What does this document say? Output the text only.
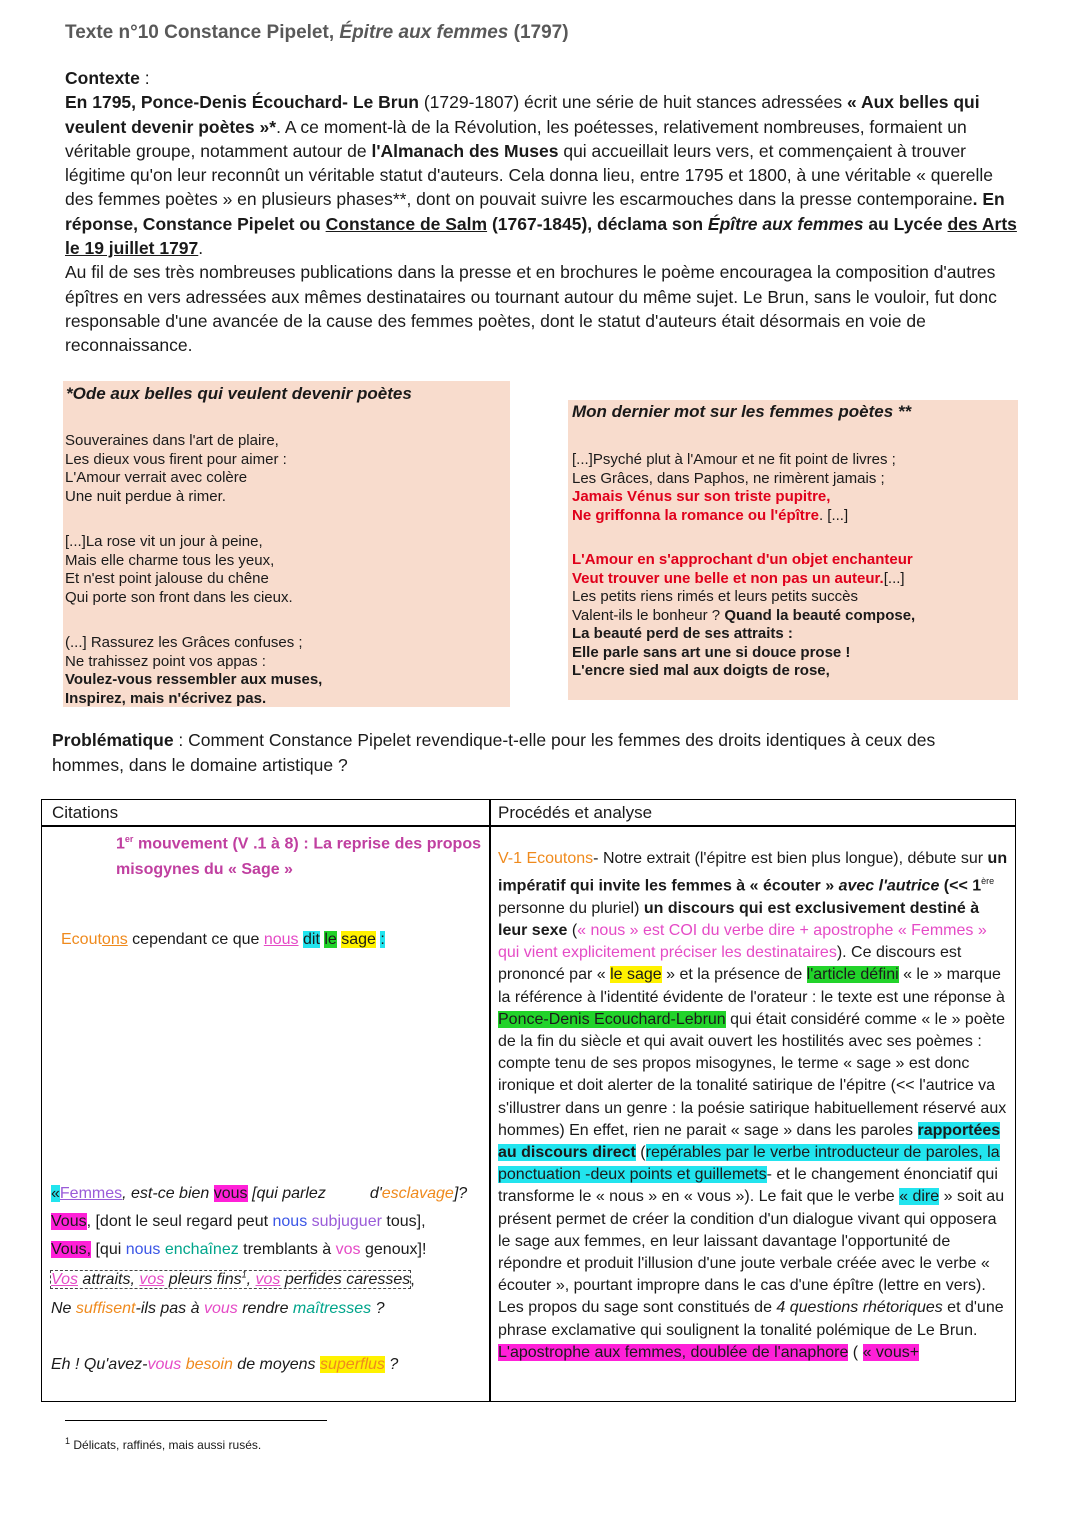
Texte n°10 Constance Pipelet, Épitre aux femmes (1797)

Contexte :

En 1795, Ponce-Denis Écouchard- Le Brun (1729-1807) écrit une série de huit stances adressées « Aux belles qui veulent devenir poètes »*. A ce moment-là de la Révolution, les poétesses, relativement nombreuses, formaient un véritable groupe, notamment autour de l'Almanach des Muses qui accueillait leurs vers, et commençaient à trouver légitime qu'on leur reconnût un véritable statut d'auteurs. Cela donna lieu, entre 1795 et 1800, à une véritable « querelle des femmes poètes » en plusieurs phases**, dont on pouvait suivre les escarmouches dans la presse contemporaine. En réponse, Constance Pipelet ou Constance de Salm (1767-1845), déclama son Épître aux femmes au Lycée des Arts le 19 juillet 1797.

Au fil de ses très nombreuses publications dans la presse et en brochures le poème encouragea la composition d'autres épîtres en vers adressées aux mêmes destinataires ou tournant autour du même sujet. Le Brun, sans le vouloir, fut donc responsable d'une avancée de la cause des femmes poètes, dont le statut d'auteurs était désormais en voie de reconnaissance.

*Ode aux belles qui veulent devenir poètes
Souveraines dans l'art de plaire,
Les dieux vous firent pour aimer :
L'Amour verrait avec colère
Une nuit perdue à rimer.
[...]La rose vit un jour à peine,
Mais elle charme tous les yeux,
Et n'est point jalouse du chêne
Qui porte son front dans les cieux.
(...] Rassurez les Grâces confuses ;
Ne trahissez point vos appas :
Voulez-vous ressembler aux muses,
Inspirez, mais n'écrivez pas.
Mon dernier mot sur les femmes poètes **
[...]Psyché plut à l'Amour et ne fit point de livres ;
Les Grâces, dans Paphos, ne rimèrent jamais ;
Jamais Vénus sur son triste pupitre,
Ne griffonna la romance ou l'épître. [...]
L'Amour en s'approchant d'un objet enchanteur
Veut trouver une belle et non pas un auteur.[...]
Les petits riens rimés et leurs petits succès
Valent-ils le bonheur ? Quand la beauté compose,
La beauté perd de ses attraits :
Elle parle sans art une si douce prose !
L'encre sied mal aux doigts de rose,
Problématique : Comment Constance Pipelet revendique-t-elle pour les femmes des droits identiques à ceux des hommes, dans le domaine artistique ?
Citations	Procédés et analyse
1er mouvement (V .1 à 8) : La reprise des propos misogynes du « Sage »
Ecoutons cependant ce que nous dit le sage :
«Femmes, est-ce bien vous [qui parlez	d'esclavage]?
Vous, [dont le seul regard peut nous subjuguer tous],
Vous, [qui nous enchaînez tremblants à vos genoux]!
Vos attraits, vos pleurs fins$^1$, vos perfides caresses,
Ne suffisent-ils pas à vous rendre maîtresses ?
Eh ! Qu'avez-vous besoin de moyens superflus ?
V-1 Ecoutons- Notre extrait (l'épitre est bien plus longue), débute sur un impératif qui invite les femmes à « écouter » avec l'autrice (<< 1ère personne du pluriel) un discours qui est exclusivement destiné à leur sexe (« nous » est COI du verbe dire + apostrophe « Femmes » qui vient explicitement préciser les destinataires). Ce discours est prononcé par « le sage » et la présence de l'article défini « le » marque la référence à l'identité évidente de l'orateur : le texte est une réponse à Ponce-Denis Ecouchard-Lebrun qui était considéré comme « le » poète de la fin du siècle et qui avait ouvert les hostilités avec ses poèmes : compte tenu de ses propos misogynes, le terme « sage » est donc ironique et doit alerter de la tonalité satirique de l'épitre (<< l'autrice va s'illustrer dans un genre : la poésie satirique habituellement réservé aux hommes) En effet, rien ne parait « sage » dans les paroles rapportées au discours direct (repérables par le verbe introducteur de paroles, la ponctuation -deux points et guillemets- et le changement énonciatif qui transforme le « nous » en « vous »). Le fait que le verbe « dire » soit au présent permet de créer la condition d'un dialogue vivant qui opposera le sage aux femmes, en leur laissant davantage l'opportunité de répondre et produit l'illusion d'une joute verbale créée avec le verbe « écouter », pourtant impropre dans le cas d'une épître (lettre en vers). Les propos du sage sont constitués de 4 questions rhétoriques et d'une phrase exclamative qui soulignent la tonalité polémique de Le Brun. L'apostrophe aux femmes, doublée de l'anaphore ( « vous+
$^1$ Délicats, raffinés, mais aussi rusés.
